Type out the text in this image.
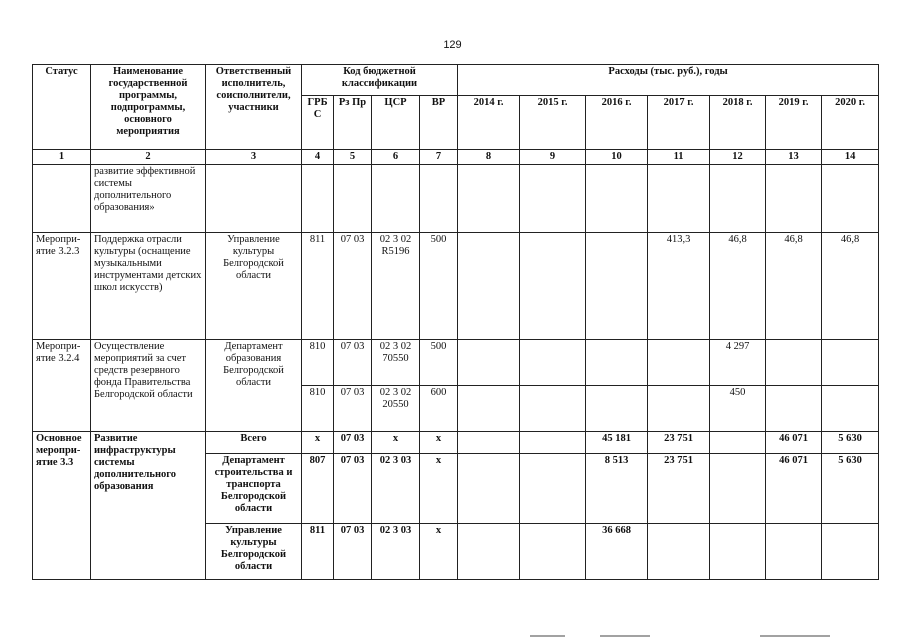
129
Статус	Наименование государственной программы, подпрограммы, основного мероприятия	Ответственный исполнитель, соисполнители, участники	Код бюджетной классификации				Расходы (тыс. руб.), годы						
			ГРБ С	Рз Пр	ЦСР	ВР	2014 г.	2015 г.	2016 г.	2017 г.	2018 г.	2019 г.	2020 г.
1	2	3	4	5	6	7	8	9	10	11	12	13	14
	развитие эффективной системы дополнительного образования»												
Меропри- ятие 3.2.3	Поддержка отрасли культуры (оснащение музыкальными инструментами детских школ искусств)	Управление культуры Белгородской области	811	07 03	02 3 02 R5196	500				413,3	46,8	46,8	46,8
Меропри- ятие 3.2.4	Осуществление мероприятий за счет средств резервного фонда Правительства Белгородской области	Департамент образования Белгородской области	810	07 03	02 3 02 70550	500					4 297		
			810	07 03	02 3 02 20550	600					450		
Основное меропри- ятие 3.3	Развитие инфраструктуры системы дополнительного образования	Всего	х	07 03	х	х			45 181	23 751		46 071	5 630
		Департамент строительства и транспорта Белгородской области	807	07 03	02 3 03	х			8 513	23 751		46 071	5 630
		Управление культуры Белгородской области	811	07 03	02 3 03	х			36 668				
